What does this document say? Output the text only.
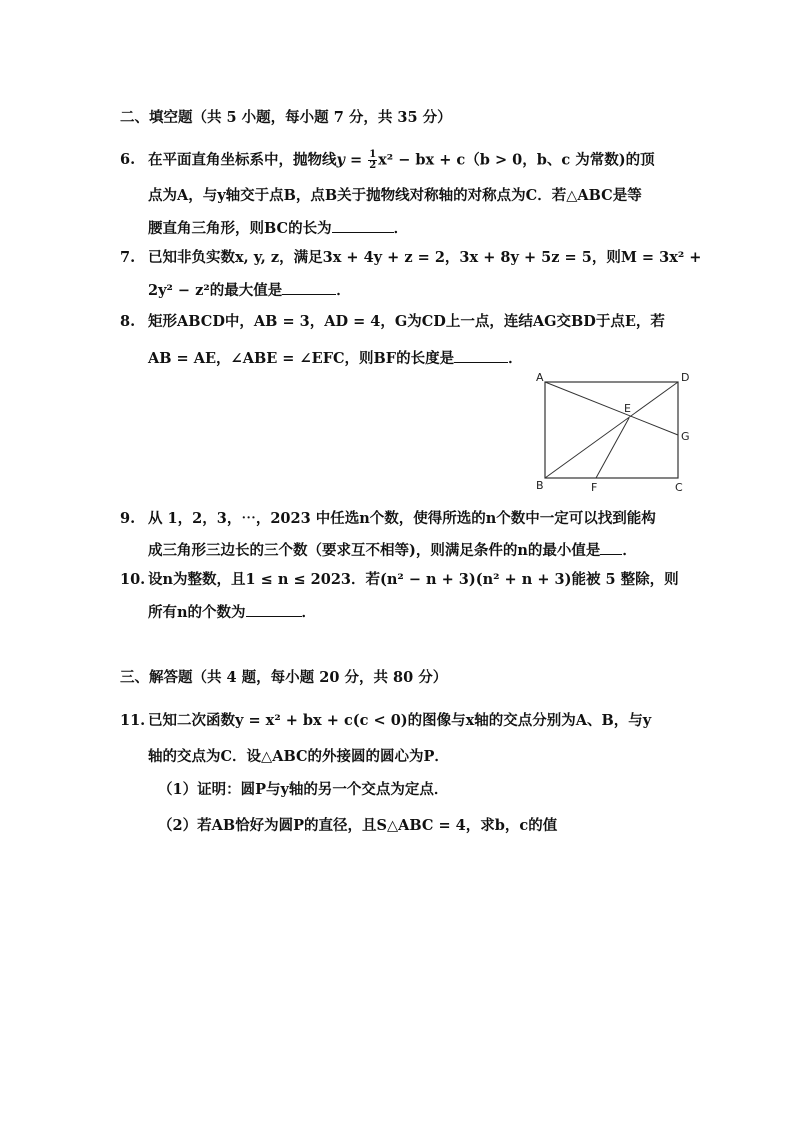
二、填空题（共 5 小题，每小题 7 分，共 35 分）
6. 在平面直角坐标系中，抛物线$y = \frac{1}{2} x^2$ − bx + c（b > 0，b、c 为常数)的顶
点为A，与y轴交于点B，点B关于抛物线对称轴的对称点为C．若△ABC是等
腰直角三角形，则BC的长为	．
7. 已知非负实数x, y, z，满足3x + 4y + z = 2，3x + 8y + 5z = 5，则M = 3x² +
2y² − z²的最大值是	．
8. 矩形ABCD中，AB = 3，AD = 4，G为CD上一点，连结AG交BD于点E，若
AB = AE，∠ABE = ∠EFC，则BF的长度是	．
A	D
E
G
B	F	C
9. 从 1，2，3，⋯，2023 中任选n个数，使得所选的n个数中一定可以找到能构
成三角形三边长的三个数（要求互不相等)，则满足条件的n的最小值是 ．
10. 设n为整数，且1 ≤ n ≤ 2023．若(n² − n + 3)(n² + n + 3)能被 5 整除，则
所有n的个数为	．
三、解答题（共 4 题，每小题 20 分，共 80 分）
11. 已知二次函数y = x² + bx + c(c < 0)的图像与x轴的交点分别为A、B，与y
轴的交点为C．设△ABC的外接圆的圆心为P．
（1）证明：圆P与y轴的另一个交点为定点．
（2）若AB恰好为圆P的直径，且S△ABC = 4，求b，c的值
